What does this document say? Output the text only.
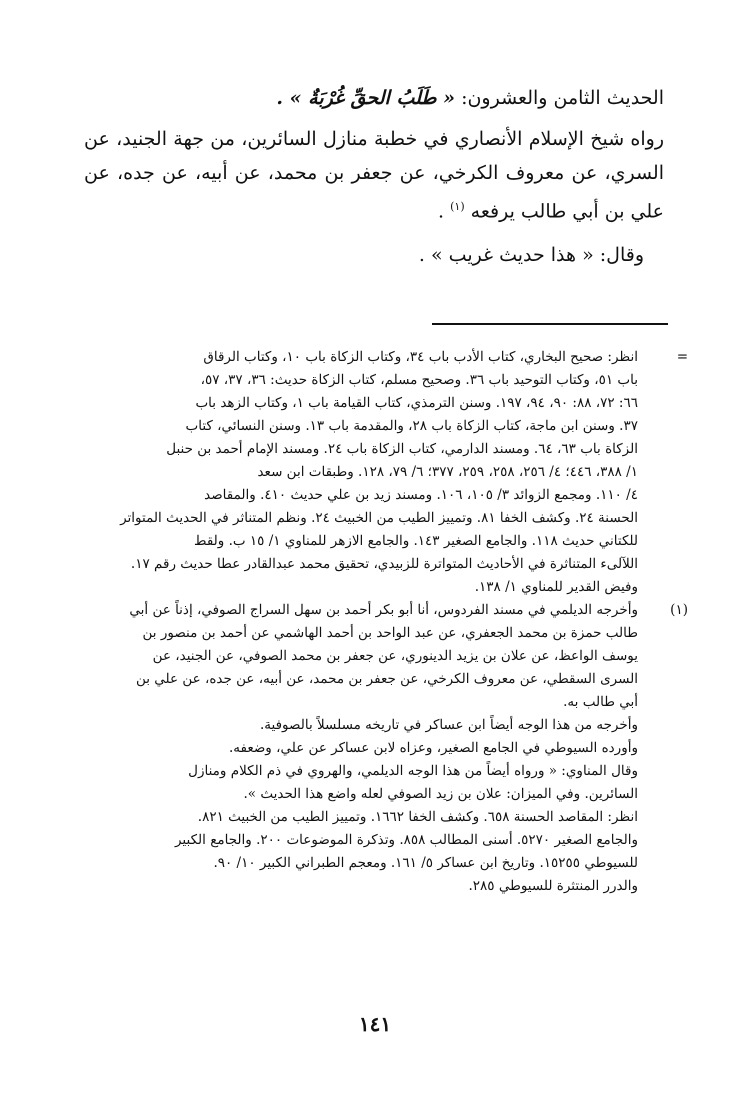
الحديث الثامن والعشرون: « طَلَبُ الحقِّ غُرْبَةٌ » .

رواه شيخ الإسلام الأنصاري في خطبة منازل السائرين، من جهة الجنيد، عن السري، عن معروف الكرخي، عن جعفر بن محمد، عن أبيه، عن جده، عن علي بن أبي طالب يرفعه $^{(١)}$ .

وقال: « هذا حديث غريب » .

=
انظر: صحيح البخاري، كتاب الأدب باب ٣٤، وكتاب الزكاة باب ١٠، وكتاب الرقاق
باب ٥١، وكتاب التوحيد باب ٣٦. وصحيح مسلم، كتاب الزكاة حديث: ٣٦، ٣٧، ٥٧،
٦٦: ٧٢، ٨٨: ٩٠، ٩٤، ١٩٧. وسنن الترمذي، كتاب القيامة باب ١، وكتاب الزهد باب
٣٧. وسنن ابن ماجة، كتاب الزكاة باب ٢٨، والمقدمة باب ١٣. وسنن النسائي، كتاب
الزكاة باب ٦٣، ٦٤. ومسند الدارمي، كتاب الزكاة باب ٢٤. ومسند الإمام أحمد بن حنبل
١/ ٣٨٨، ٤٤٦؛ ٤/ ٢٥٦، ٢٥٨، ٢٥٩، ٣٧٧؛ ٦/ ٧٩، ١٢٨. وطبقات ابن سعد
٤/ ١١٠. ومجمع الزوائد ٣/ ١٠٥، ١٠٦. ومسند زيد بن علي حديث ٤١٠. والمقاصد
الحسنة ٢٤. وكشف الخفا ٨١. وتمييز الطيب من الخبيث ٢٤. ونظم المتناثر في الحديث المتواتر
للكتاني حديث ١١٨. والجامع الصغير ١٤٣. والجامع الازهر للمناوي ١/ ١٥ ب. ولقط
اللآلىء المتناثرة في الأحاديث المتواترة للزبيدي، تحقيق محمد عبدالقادر عطا حديث رقم ١٧.
وفيض القدير للمناوي ١/ ١٣٨.
(١)
وأخرجه الديلمي في مسند الفردوس، أنا أبو بكر أحمد بن سهل السراج الصوفي، إذناً عن أبي
طالب حمزة بن محمد الجعفري، عن عبد الواحد بن أحمد الهاشمي عن أحمد بن منصور بن
يوسف الواعظ، عن علان بن يزيد الدينوري، عن جعفر بن محمد الصوفي، عن الجنيد، عن
السرى السقطي، عن معروف الكرخي، عن جعفر بن محمد، عن أبيه، عن جده، عن علي بن
أبي طالب به.
وأخرجه من هذا الوجه أيضاً ابن عساكر في تاريخه مسلسلاً بالصوفية.
وأورده السيوطي في الجامع الصغير، وعزاه لابن عساكر عن علي، وضعفه.
وقال المناوي: « ورواه أيضاً من هذا الوجه الديلمي، والهروي في ذم الكلام ومنازل
السائرين. وفي الميزان: علان بن زيد الصوفي لعله واضع هذا الحديث ».
انظر: المقاصد الحسنة ٦٥٨. وكشف الخفا ١٦٦٢. وتمييز الطيب من الخبيث ٨٢١.
والجامع الصغير ٥٢٧٠. أسنى المطالب ٨٥٨. وتذكرة الموضوعات ٢٠٠. والجامع الكبير
للسيوطي ١٥٢٥٥. وتاريخ ابن عساكر ٥/ ١٦١. ومعجم الطبراني الكبير ١٠/ ٩٠.
والدرر المنتثرة للسيوطي ٢٨٥.
١٤١
